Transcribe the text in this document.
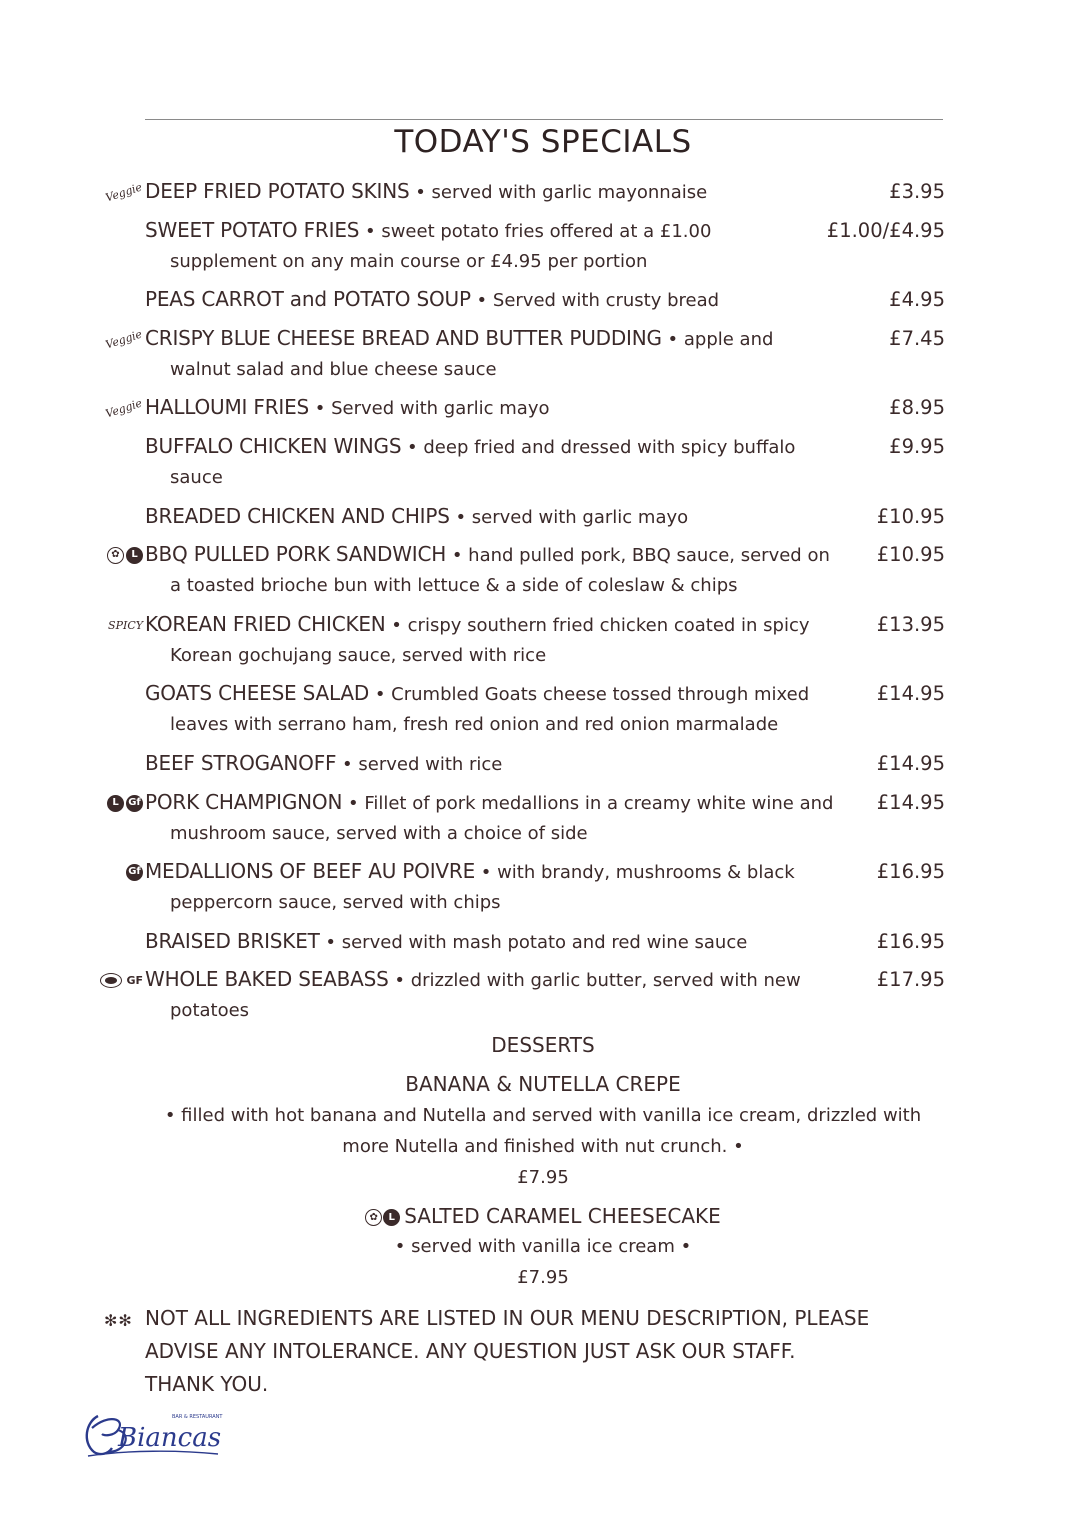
TODAY'S SPECIALS
Veggie DEEP FRIED POTATO SKINS • served with garlic mayonnaise	£3.95
SWEET POTATO FRIES • sweet potato fries offered at a £1.00	£1.00/£4.95
supplement on any main course or £4.95 per portion
PEAS CARROT and POTATO SOUP • Served with crusty bread	£4.95
Veggie CRISPY BLUE CHEESE BREAD AND BUTTER PUDDING • apple and	£7.45
walnut salad and blue cheese sauce
Veggie HALLOUMI FRIES • Served with garlic mayo	£8.95
BUFFALO CHICKEN WINGS • deep fried and dressed with spicy buffalo	£9.95
sauce
BREADED CHICKEN AND CHIPS • served with garlic mayo	£10.95
✿	L BBQ PULLED PORK SANDWICH • hand pulled pork, BBQ sauce, served on	£10.95
a toasted brioche bun with lettuce & a side of coleslaw & chips
SPICY KOREAN FRIED CHICKEN • crispy southern fried chicken coated in spicy	£13.95
Korean gochujang sauce, served with rice
GOATS CHEESE SALAD • Crumbled Goats cheese tossed through mixed	£14.95
leaves with serrano ham, fresh red onion and red onion marmalade
BEEF STROGANOFF • served with rice	£14.95
L Gf PORK CHAMPIGNON • Fillet of pork medallions in a creamy white wine and	£14.95
mushroom sauce, served with a choice of side
Gf MEDALLIONS OF BEEF AU POIVRE • with brandy, mushrooms & black	£16.95
peppercorn sauce, served with chips
BRAISED BRISKET • served with mash potato and red wine sauce	£16.95
GF WHOLE BAKED SEABASS • drizzled with garlic butter, served with new	£17.95
potatoes
DESSERTS
BANANA & NUTELLA CREPE
• filled with hot banana and Nutella and served with vanilla ice cream, drizzled with
more Nutella and finished with nut crunch. •
£7.95
✿ L SALTED CARAMEL CHEESECAKE
• served with vanilla ice cream •
£7.95
✻✻ NOT ALL INGREDIENTS ARE LISTED IN OUR MENU DESCRIPTION, PLEASE
ADVISE ANY INTOLERANCE. ANY QUESTION JUST ASK OUR STAFF.
THANK YOU.
Biancas
BAR & RESTAURANT
